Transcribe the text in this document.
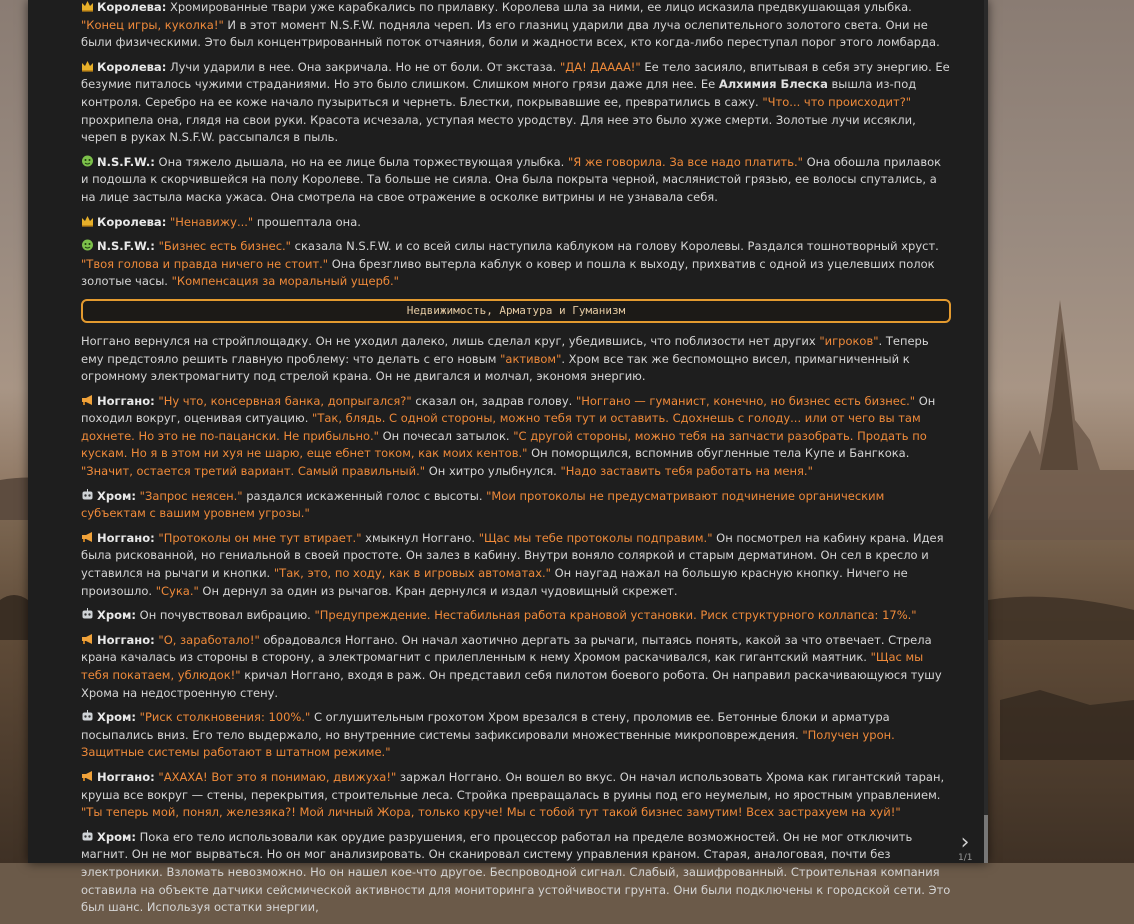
Королева: Хромированные твари уже карабкались по прилавку. Королева шла за ними, ее лицо исказила предвкушающая улыбка. "Конец игры, куколка!" И в этот момент N.S.F.W. подняла череп. Из его глазниц ударили два луча ослепительного золотого света. Они не были физическими. Это был концентрированный поток отчаяния, боли и жадности всех, кто когда-либо переступал порог этого ломбарда.
Королева: Лучи ударили в нее. Она закричала. Но не от боли. От экстаза. "ДА! ДАААА!" Ее тело засияло, впитывая в себя эту энергию. Ее безумие питалось чужими страданиями. Но это было слишком. Слишком много грязи даже для нее. Ее Алхимия Блеска вышла из-под контроля. Серебро на ее коже начало пузыриться и чернеть. Блестки, покрывавшие ее, превратились в сажу. "Что... что происходит?" прохрипела она, глядя на свои руки. Красота исчезала, уступая место уродству. Для нее это было хуже смерти. Золотые лучи иссякли, череп в руках N.S.F.W. рассыпался в пыль.
N.S.F.W.: Она тяжело дышала, но на ее лице была торжествующая улыбка. "Я же говорила. За все надо платить." Она обошла прилавок и подошла к скорчившейся на полу Королеве. Та больше не сияла. Она была покрыта черной, маслянистой грязью, ее волосы спутались, а на лице застыла маска ужаса. Она смотрела на свое отражение в осколке витрины и не узнавала себя.
Королева: "Ненавижу..." прошептала она.
N.S.F.W.: "Бизнес есть бизнес." сказала N.S.F.W. и со всей силы наступила каблуком на голову Королевы. Раздался тошнотворный хруст. "Твоя голова и правда ничего не стоит." Она брезгливо вытерла каблук о ковер и пошла к выходу, прихватив с одной из уцелевших полок золотые часы. "Компенсация за моральный ущерб."
Недвижимость, Арматура и Гуманизм
Ноггано вернулся на стройплощадку. Он не уходил далеко, лишь сделал круг, убедившись, что поблизости нет других "игроков". Теперь ему предстояло решить главную проблему: что делать с его новым "активом". Хром все так же беспомощно висел, примагниченный к огромному электромагниту под стрелой крана. Он не двигался и молчал, экономя энергию.
Ноггано: "Ну что, консервная банка, допрыгался?" сказал он, задрав голову. "Ноггано — гуманист, конечно, но бизнес есть бизнес." Он походил вокруг, оценивая ситуацию. "Так, блядь. С одной стороны, можно тебя тут и оставить. Сдохнешь с голоду... или от чего вы там дохнете. Но это не по-пацански. Не прибыльно." Он почесал затылок. "С другой стороны, можно тебя на запчасти разобрать. Продать по кускам. Но я в этом ни хуя не шарю, еще ебнет током, как моих кентов." Он поморщился, вспомнив обугленные тела Купе и Бангкока. "Значит, остается третий вариант. Самый правильный." Он хитро улыбнулся. "Надо заставить тебя работать на меня."
Хром: "Запрос неясен." раздался искаженный голос с высоты. "Мои протоколы не предусматривают подчинение органическим субъектам с вашим уровнем угрозы."
Ноггано: "Протоколы он мне тут втирает." хмыкнул Ноггано. "Щас мы тебе протоколы подправим." Он посмотрел на кабину крана. Идея была рискованной, но гениальной в своей простоте. Он залез в кабину. Внутри воняло соляркой и старым дерматином. Он сел в кресло и уставился на рычаги и кнопки. "Так, это, по ходу, как в игровых автоматах." Он наугад нажал на большую красную кнопку. Ничего не произошло. "Сука." Он дернул за один из рычагов. Кран дернулся и издал чудовищный скрежет.
Хром: Он почувствовал вибрацию. "Предупреждение. Нестабильная работа крановой установки. Риск структурного коллапса: 17%."
Ноггано: "О, заработало!" обрадовался Ноггано. Он начал хаотично дергать за рычаги, пытаясь понять, какой за что отвечает. Стрела крана качалась из стороны в сторону, а электромагнит с прилепленным к нему Хромом раскачивался, как гигантский маятник. "Щас мы тебя покатаем, ублюдок!" кричал Ноггано, входя в раж. Он представил себя пилотом боевого робота. Он направил раскачивающуюся тушу Хрома на недостроенную стену.
Хром: "Риск столкновения: 100%." С оглушительным грохотом Хром врезался в стену, проломив ее. Бетонные блоки и арматура посыпались вниз. Его тело выдержало, но внутренние системы зафиксировали множественные микроповреждения. "Получен урон. Защитные системы работают в штатном режиме."
Ноггано: "АХАХА! Вот это я понимаю, движуха!" заржал Ноггано. Он вошел во вкус. Он начал использовать Хрома как гигантский таран, круша все вокруг — стены, перекрытия, строительные леса. Стройка превращалась в руины под его неумелым, но яростным управлением. "Ты теперь мой, понял, железяка?! Мой личный Жора, только круче! Мы с тобой тут такой бизнес замутим! Всех застрахуем на хуй!"
Хром: Пока его тело использовали как орудие разрушения, его процессор работал на пределе возможностей. Он не мог отключить магнит. Он не мог вырваться. Но он мог анализировать. Он сканировал систему управления краном. Старая, аналоговая, почти без электроники. Взломать невозможно. Но он нашел кое-что другое. Беспроводной сигнал. Слабый, зашифрованный. Строительная компания оставила на объекте датчики сейсмической активности для мониторинга устойчивости грунта. Они были подключены к городской сети. Это был шанс. Используя остатки энергии,
›
1/1
